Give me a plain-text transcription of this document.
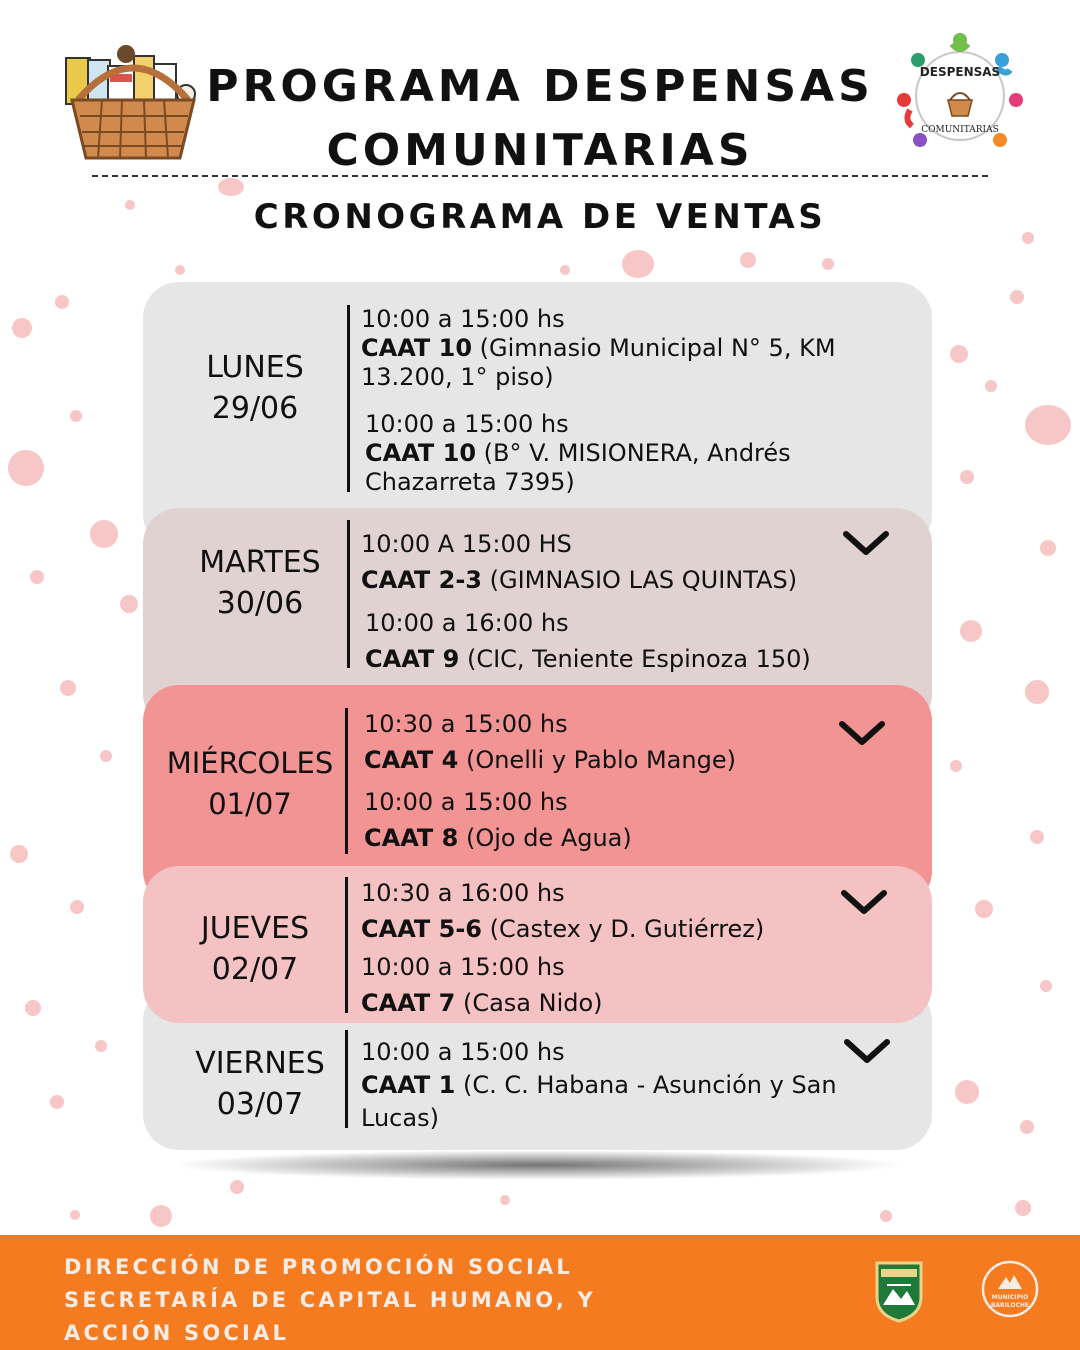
DESPENSAS
COMUNITARIAS
PROGRAMA DESPENSAS
COMUNITARIAS
CRONOGRAMA DE VENTAS
LUNES
29/06
10:00 a 15:00 hs
CAAT 10 (Gimnasio Municipal N° 5, KM 13.200, 1° piso)
10:00 a 15:00 hs
CAAT 10 (B° V. MISIONERA, Andrés Chazarreta 7395)
MARTES
30/06
10:00 A 15:00 HS
CAAT 2-3 (GIMNASIO LAS QUINTAS)
10:00 a 16:00 hs
CAAT 9 (CIC, Teniente Espinoza 150)
MIÉRCOLES
01/07
10:30 a 15:00 hs
CAAT 4 (Onelli y Pablo Mange)
10:00 a 15:00 hs
CAAT 8 (Ojo de Agua)
JUEVES
02/07
10:30 a 16:00 hs
CAAT 5-6 (Castex y D. Gutiérrez)
10:00 a 15:00 hs
CAAT 7 (Casa Nido)
VIERNES
03/07
10:00 a 15:00 hs
CAAT 1 (C. C. Habana - Asunción y San Lucas)
DIRECCIÓN DE PROMOCIÓN SOCIAL
SECRETARÍA DE CAPITAL HUMANO, Y
ACCIÓN SOCIAL
MUNICIPIO
BARILOCHE
